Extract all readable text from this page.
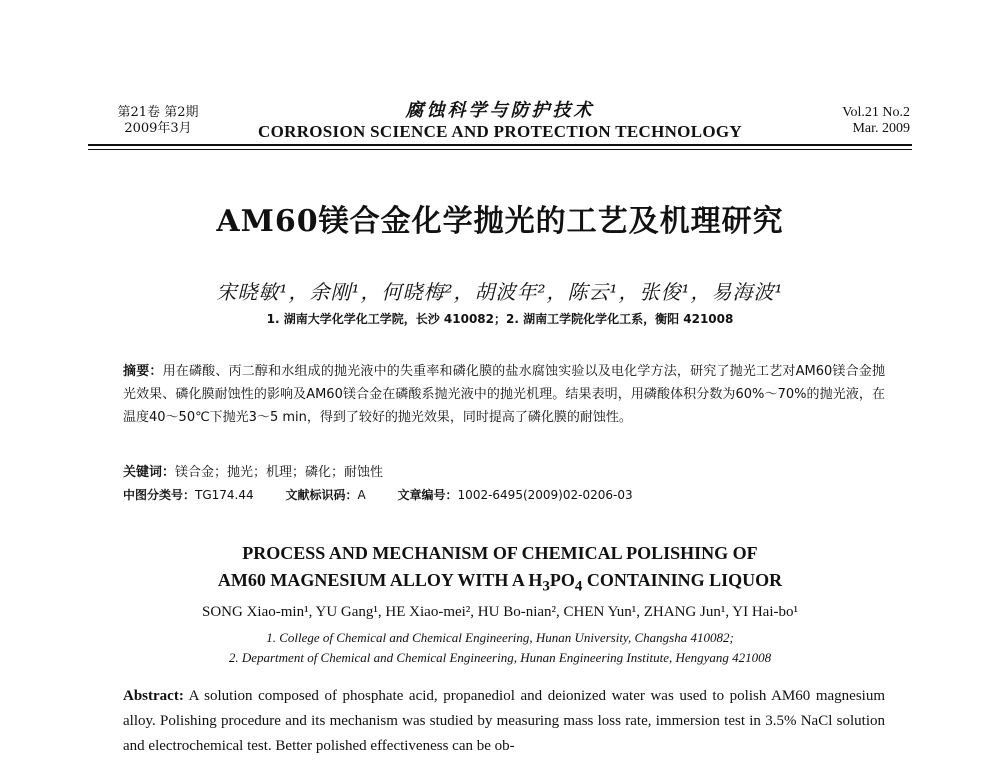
第21卷 第2期
2009年3月
腐蚀科学与防护技术
CORROSION SCIENCE AND PROTECTION TECHNOLOGY
Vol.21 No.2
Mar. 2009
AM60镁合金化学抛光的工艺及机理研究
宋晓敏¹，余刚¹，何晓梅²，胡波年²，陈云¹，张俊¹，易海波¹
1. 湖南大学化学化工学院，长沙 410082；2. 湖南工学院化学化工系，衡阳 421008
摘要：用在磷酸、丙二醇和水组成的抛光液中的失重率和磷化膜的盐水腐蚀实验以及电化学方法，研究了抛光工艺对AM60镁合金抛光效果、磷化膜耐蚀性的影响及AM60镁合金在磷酸系抛光液中的抛光机理。结果表明，用磷酸体积分数为60%～70%的抛光液，在温度40～50℃下抛光3～5 min，得到了较好的抛光效果，同时提高了磷化膜的耐蚀性。
关键词：镁合金；抛光；机理；磷化；耐蚀性
中图分类号：TG174.44	文献标识码：A	文章编号：1002-6495(2009)02-0206-03
PROCESS AND MECHANISM OF CHEMICAL POLISHING OF
AM60 MAGNESIUM ALLOY WITH A $H_3PO_4$ CONTAINING LIQUOR
SONG Xiao-min¹, YU Gang¹, HE Xiao-mei², HU Bo-nian², CHEN Yun¹, ZHANG Jun¹, YI Hai-bo¹
1. College of Chemical and Chemical Engineering, Hunan University, Changsha 410082;
2. Department of Chemical and Chemical Engineering, Hunan Engineering Institute, Hengyang 421008
Abstract: A solution composed of phosphate acid, propanediol and deionized water was used to polish AM60 magnesium alloy. Polishing procedure and its mechanism was studied by measuring mass loss rate, immersion test in 3.5% NaCl solution and electrochemical test. Better polished effectiveness can be ob-
